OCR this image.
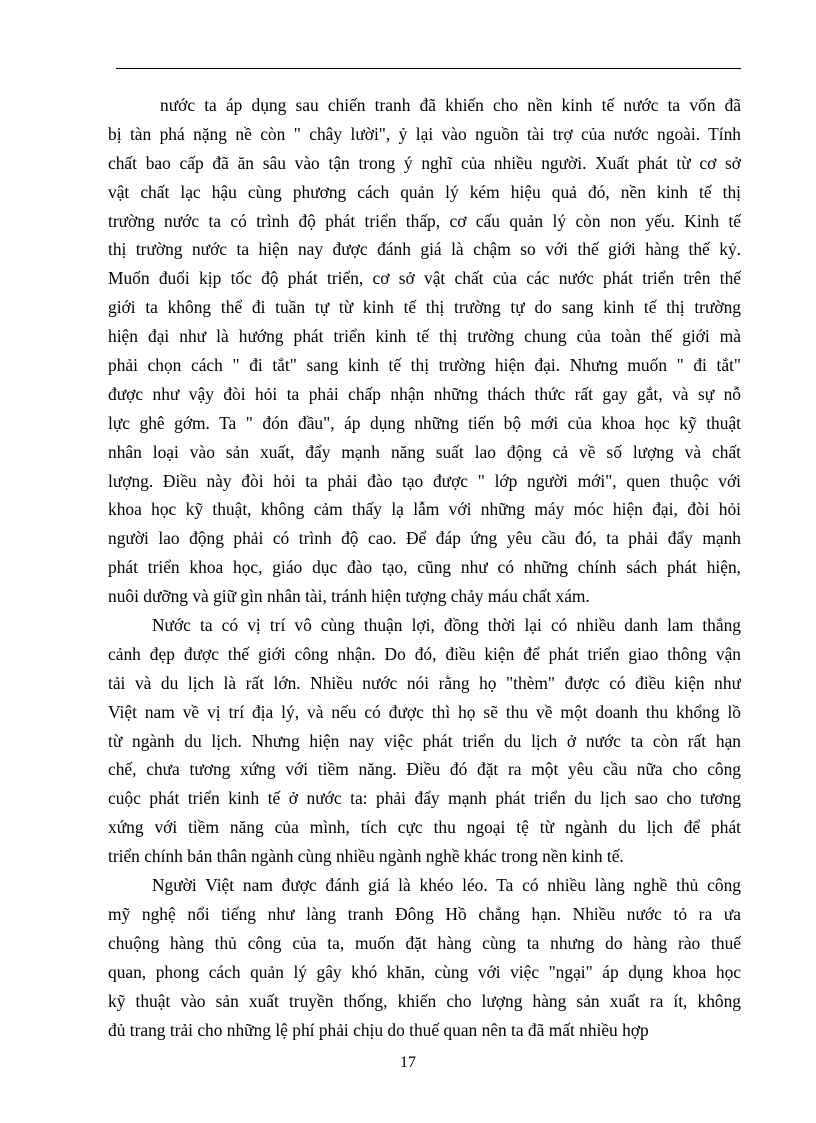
nước ta áp dụng sau chiến tranh đã khiến cho nền kinh tế nước ta vốn đã
bị tàn phá nặng nề còn " chây lười", ỷ lại vào nguồn tài trợ của nước ngoài. Tính
chất bao cấp đã ăn sâu vào tận trong ý nghĩ của nhiều người. Xuất phát từ cơ sở
vật chất lạc hậu cùng phương cách quản lý kém hiệu quả đó, nền kinh tế thị
trường nước ta có trình độ phát triển thấp, cơ cấu quản lý còn non yếu. Kinh tế
thị trường nước ta hiện nay được đánh giá là chậm so với thế giới hàng thế kỷ.
Muốn đuổi kịp tốc độ phát triển, cơ sở vật chất của các nước phát triển trên thế
giới ta không thể đi tuần tự từ kinh tế thị trường tự do sang kinh tế thị trường
hiện đại như là hướng phát triển kinh tế thị trường chung của toàn thế giới mà
phải chọn cách " đi tắt" sang kinh tế thị trường hiện đại. Nhưng muốn " đi tắt"
được như vậy đòi hỏi ta phải chấp nhận những thách thức rất gay gắt, và sự nỗ
lực ghê gớm. Ta " đón đầu", áp dụng những tiến bộ mới của khoa học kỹ thuật
nhân loại vào sản xuất, đẩy mạnh năng suất lao động cả về số lượng và chất
lượng. Điều này đòi hỏi ta phải đào tạo được " lớp người mới", quen thuộc với
khoa học kỹ thuật, không cảm thấy lạ lẫm với những máy móc hiện đại, đòi hỏi
người lao động phải có trình độ cao. Để đáp ứng yêu cầu đó, ta phải đẩy mạnh
phát triển khoa học, giáo dục đào tạo, cũng như có những chính sách phát hiện,
nuôi dưỡng và giữ gìn nhân tài, tránh hiện tượng chảy máu chất xám.
Nước ta có vị trí vô cùng thuận lợi, đồng thời lại có nhiều danh lam thắng
cảnh đẹp được thế giới công nhận. Do đó, điều kiện để phát triển giao thông vận
tải và du lịch là rất lớn. Nhiều nước nói rằng họ "thèm" được có điều kiện như
Việt nam về vị trí địa lý, và nếu có được thì họ sẽ thu về một doanh thu khổng lồ
từ ngành du lịch. Nhưng hiện nay việc phát triển du lịch ở nước ta còn rất hạn
chế, chưa tương xứng với tiềm năng. Điều đó đặt ra một yêu cầu nữa cho công
cuộc phát triển kinh tế ở nước ta: phải đẩy mạnh phát triển du lịch sao cho tương
xứng với tiềm năng của mình, tích cực thu ngoại tệ từ ngành du lịch để phát
triển chính bản thân ngành cùng nhiều ngành nghề khác trong nền kinh tế.
Người Việt nam được đánh giá là khéo léo. Ta có nhiều làng nghề thủ công
mỹ nghệ nổi tiếng như làng tranh Đông Hồ chẳng hạn. Nhiều nước tỏ ra ưa
chuộng hàng thủ công của ta, muốn đặt hàng cùng ta nhưng do hàng rào thuế
quan, phong cách quản lý gây khó khăn, cùng với việc "ngại" áp dụng khoa học
kỹ thuật vào sản xuất truyền thống, khiến cho lượng hàng sản xuất ra ít, không
đủ trang trải cho những lệ phí phải chịu do thuế quan nên ta đã mất nhiều hợp
17
